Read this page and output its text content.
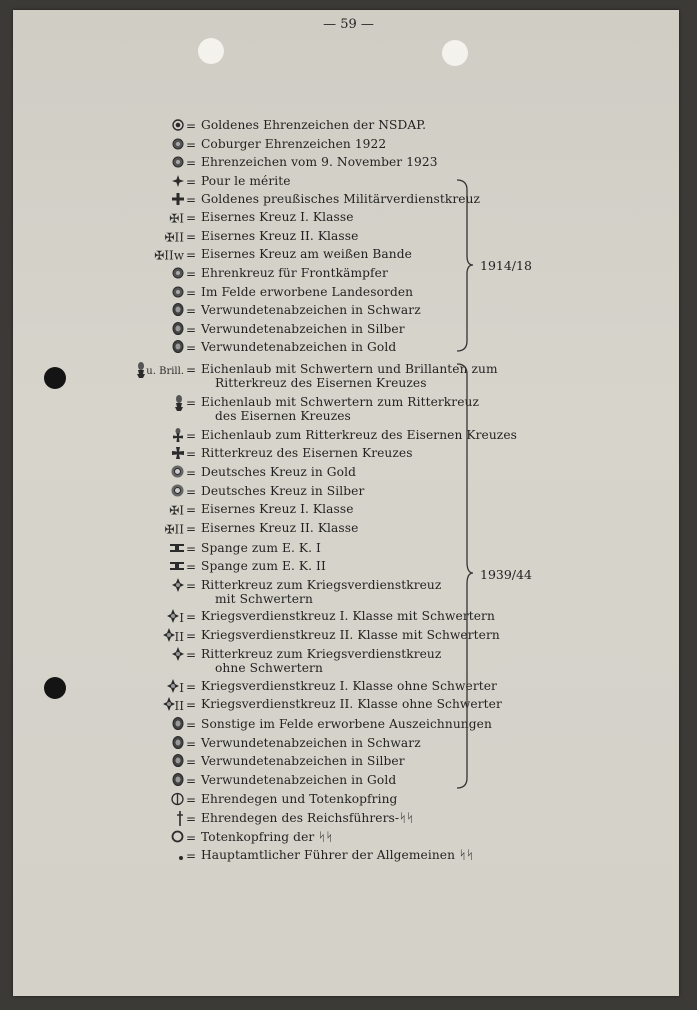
— 59 —
= Goldenes Ehrenzeichen der NSDAP.
= Coburger Ehrenzeichen 1922
= Ehrenzeichen vom 9. November 1923
= Pour le mérite
= Goldenes preußisches Militärverdienstkreuz
✠I = Eisernes Kreuz I. Klasse
✠II = Eisernes Kreuz II. Klasse
✠IIw = Eisernes Kreuz am weißen Bande
= Ehrenkreuz für Frontkämpfer
= Im Felde erworbene Landesorden
= Verwundetenabzeichen in Schwarz
= Verwundetenabzeichen in Silber
= Verwundetenabzeichen in Gold
u. Brill. = Eichenlaub mit Schwertern und Brillanten zum
Ritterkreuz des Eisernen Kreuzes
= Eichenlaub mit Schwertern zum Ritterkreuz
des Eisernen Kreuzes
= Eichenlaub zum Ritterkreuz des Eisernen Kreuzes
= Ritterkreuz des Eisernen Kreuzes
= Deutsches Kreuz in Gold
= Deutsches Kreuz in Silber
✠I = Eisernes Kreuz I. Klasse
✠II = Eisernes Kreuz II. Klasse
= Spange zum E. K. I
= Spange zum E. K. II
= Ritterkreuz zum Kriegsverdienstkreuz
mit Schwertern
I = Kriegsverdienstkreuz I. Klasse mit Schwertern
II = Kriegsverdienstkreuz II. Klasse mit Schwertern
= Ritterkreuz zum Kriegsverdienstkreuz
ohne Schwertern
I = Kriegsverdienstkreuz I. Klasse ohne Schwerter
II = Kriegsverdienstkreuz II. Klasse ohne Schwerter
= Sonstige im Felde erworbene Auszeichnungen
= Verwundetenabzeichen in Schwarz
= Verwundetenabzeichen in Silber
= Verwundetenabzeichen in Gold
= Ehrendegen und Totenkopfring
= Ehrendegen des Reichsführers-ᛋᛋ
= Totenkopfring der ᛋᛋ
= Hauptamtlicher Führer der Allgemeinen ᛋᛋ
1914/18
1939/44
